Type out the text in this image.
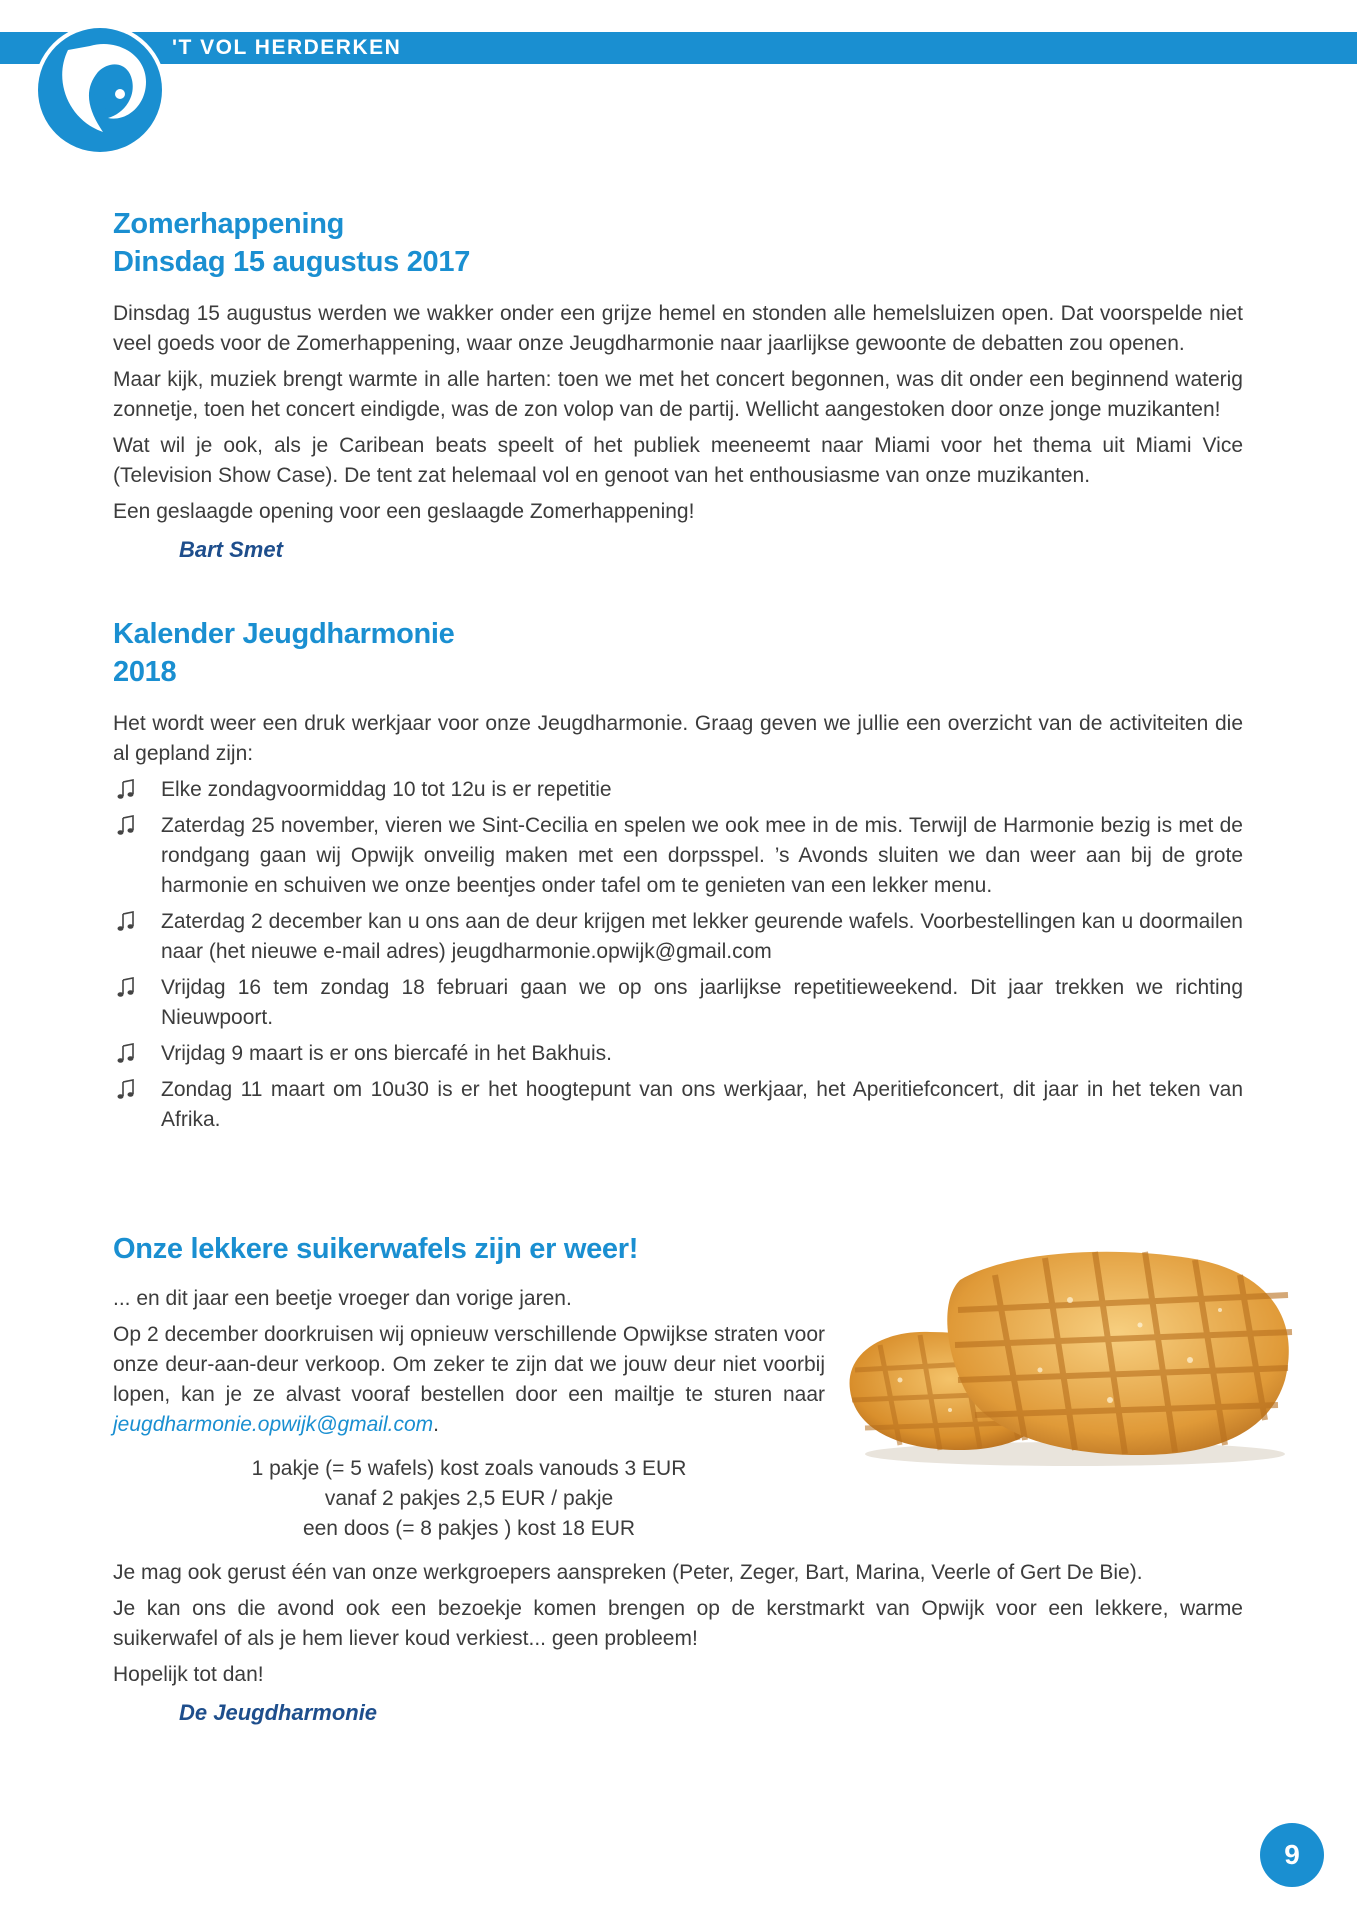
'T VOL HERDERKEN
Zomerhappening
Dinsdag 15 augustus 2017
Dinsdag 15 augustus werden we wakker onder een grijze hemel en stonden alle hemelsluizen open. Dat voorspelde niet veel goeds voor de Zomerhappening, waar onze Jeugdharmonie naar jaarlijkse gewoonte de debatten zou openen.
Maar kijk, muziek brengt warmte in alle harten: toen we met het concert begonnen, was dit onder een beginnend waterig zonnetje, toen het concert eindigde, was de zon volop van de partij. Wellicht aangestoken door onze jonge muzikanten!
Wat wil je ook, als je Caribean beats speelt of het publiek meeneemt naar Miami voor het thema uit Miami Vice (Television Show Case). De tent zat helemaal vol en genoot van het enthousiasme van onze muzikanten.
Een geslaagde opening voor een geslaagde Zomerhappening!
Bart Smet
Kalender Jeugdharmonie
2018
Het wordt weer een druk werkjaar voor onze Jeugdharmonie. Graag geven we jullie een overzicht van de activiteiten die al gepland zijn:
Elke zondagvoormiddag 10 tot 12u is er repetitie
Zaterdag 25 november, vieren we Sint-Cecilia en spelen we ook mee in de mis. Terwijl de Harmonie bezig is met de rondgang gaan wij Opwijk onveilig maken met een dorpsspel. ’s Avonds sluiten we dan weer aan bij de grote harmonie en schuiven we onze beentjes onder tafel om te genieten van een lekker menu.
Zaterdag 2 december kan u ons aan de deur krijgen met lekker geurende wafels. Voorbestellingen kan u doormailen naar (het nieuwe e-mail adres) jeugdharmonie.opwijk@gmail.com
Vrijdag 16 tem zondag 18 februari gaan we op ons jaarlijkse repetitieweekend. Dit jaar trekken we richting Nieuwpoort.
Vrijdag 9 maart is er ons biercafé in het Bakhuis.
Zondag 11 maart om 10u30 is er het hoogtepunt van ons werkjaar, het Aperitiefconcert, dit jaar in het teken van Afrika.
Onze lekkere suikerwafels zijn er weer!
... en dit jaar een beetje vroeger dan vorige jaren.
Op 2 december doorkruisen wij opnieuw verschillende Opwijkse straten voor onze deur-aan-deur verkoop. Om zeker te zijn dat we jouw deur niet voorbij lopen, kan je ze alvast vooraf bestellen door een mailtje te sturen naar jeugdharmonie.opwijk@gmail.com.
1 pakje (= 5 wafels) kost zoals vanouds 3 EUR
vanaf 2 pakjes 2,5 EUR / pakje
een doos (= 8 pakjes ) kost 18 EUR
Je mag ook gerust één van onze werkgroepers aanspreken (Peter, Zeger, Bart, Marina, Veerle of Gert De Bie).
Je kan ons die avond ook een bezoekje komen brengen op de kerstmarkt van Opwijk voor een lekkere, warme suikerwafel of als je hem liever koud verkiest... geen probleem!
Hopelijk tot dan!
De Jeugdharmonie
9
